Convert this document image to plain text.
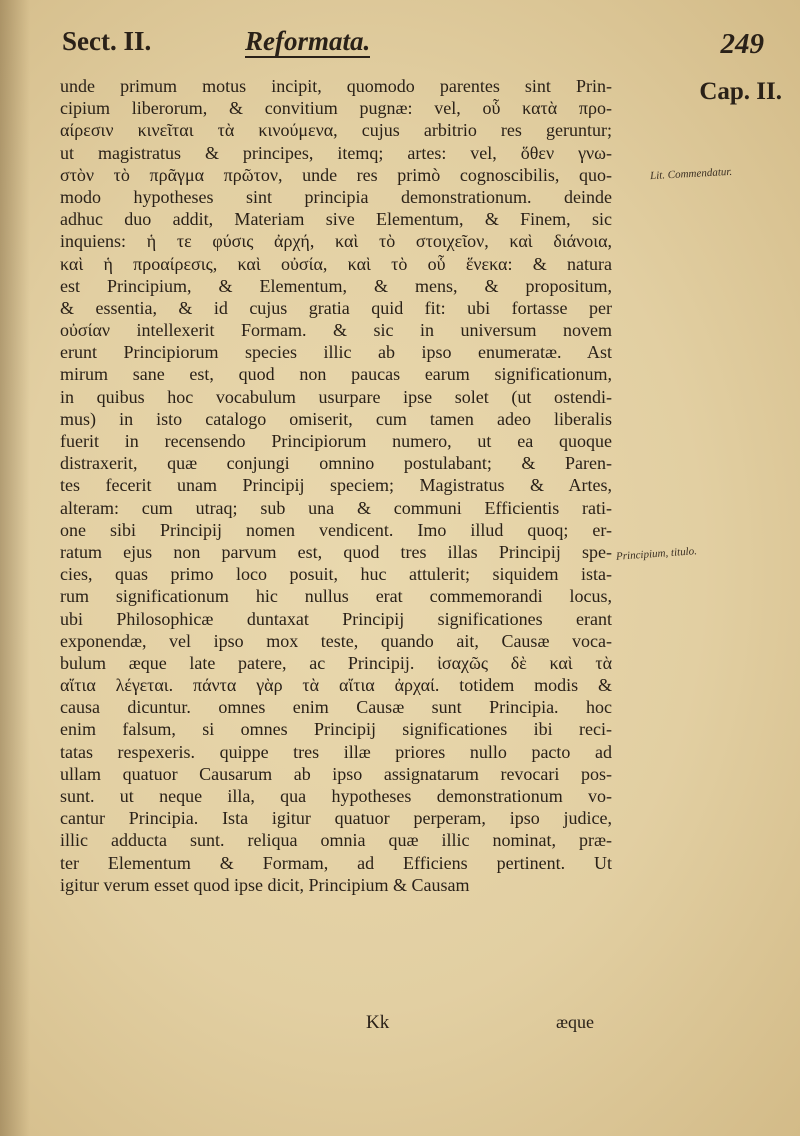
Sect. II.	Reformata.	249
Cap. II.
Lit. Commendatur.
Principium, titulo.
unde primum motus incipit, quomodo parentes sint Prin-
cipium liberorum, & convitium pugnæ: vel, οὗ κατὰ προ-
αίρεσιν κινεῖται τὰ κινούμενα, cujus arbitrio res geruntur;
ut magistratus & principes, itemq; artes: vel, ὅθεν γνω-
στὸν τὸ πρᾶγμα πρῶτον, unde res primò cognoscibilis, quo-
modo hypotheses sint principia demonstrationum. deinde
adhuc duo addit, Materiam sive Elementum, & Finem, sic
inquiens: ἡ τε φύσις ἀρχή, καὶ τὸ στοιχεῖον, καὶ διάνοια,
καὶ ἡ προαίρεσις, καὶ οὐσία, καὶ τὸ οὗ ἕνεκα: & natura
est Principium, & Elementum, & mens, & propositum,
& essentia, & id cujus gratia quid fit: ubi fortasse per
οὐσίαν intellexerit Formam. & sic in universum novem
erunt Principiorum species illic ab ipso enumeratæ. Ast
mirum sane est, quod non paucas earum significationum,
in quibus hoc vocabulum usurpare ipse solet (ut ostendi-
mus) in isto catalogo omiserit, cum tamen adeo liberalis
fuerit in recensendo Principiorum numero, ut ea quoque
distraxerit, quæ conjungi omnino postulabant; & Paren-
tes fecerit unam Principij speciem; Magistratus & Artes,
alteram: cum utraq; sub una & communi Efficientis rati-
one sibi Principij nomen vendicent. Imo illud quoq; er-
ratum ejus non parvum est, quod tres illas Principij spe-
cies, quas primo loco posuit, huc attulerit; siquidem ista-
rum significationum hic nullus erat commemorandi locus,
ubi Philosophicæ duntaxat Principij significationes erant
exponendæ, vel ipso mox teste, quando ait, Causæ voca-
bulum æque late patere, ac Principij. ἰσαχῶς δὲ καὶ τὰ
αἴτια λέγεται. πάντα γὰρ τὰ αἴτια ἀρχαί. totidem modis &
causa dicuntur. omnes enim Causæ sunt Principia. hoc
enim falsum, si omnes Principij significationes ibi reci-
tatas respexeris. quippe tres illæ priores nullo pacto ad
ullam quatuor Causarum ab ipso assignatarum revocari pos-
sunt. ut neque illa, qua hypotheses demonstrationum vo-
cantur Principia. Ista igitur quatuor perperam, ipso judice,
illic adducta sunt. reliqua omnia quæ illic nominat, præ-
ter Elementum & Formam, ad Efficiens pertinent. Ut
igitur verum esset quod ipse dicit, Principium & Causam
Kk	æque
